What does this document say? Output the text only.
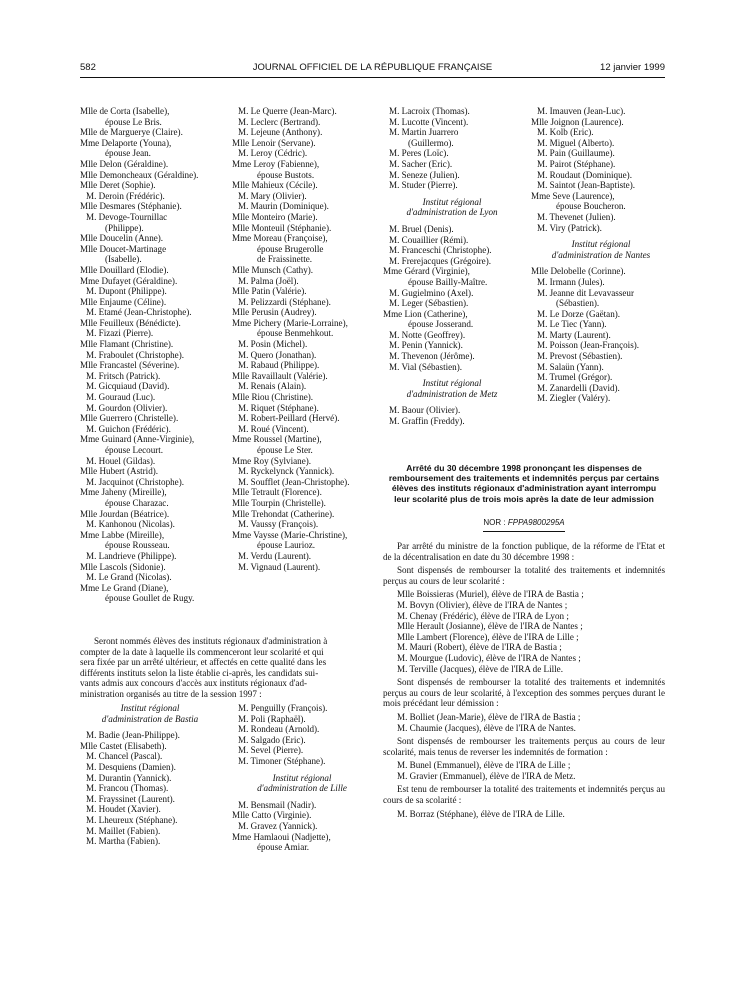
582	JOURNAL OFFICIEL DE LA RÉPUBLIQUE FRANÇAISE	12 janvier 1999
Mlle de Corta (Isabelle),
épouse Le Bris.
Mlle de Marguerye (Claire).
Mme Delaporte (Youna),
épouse Jean.
Mlle Delon (Géraldine).
Mlle Demoncheaux (Géraldine).
Mlle Deret (Sophie).
M. Deroin (Frédéric).
Mlle Desmares (Stéphanie).
M. Devoge-Tournillac
(Philippe).
Mlle Doucelin (Anne).
Mlle Doucet-Martinage
(Isabelle).
Mlle Douillard (Elodie).
Mme Dufayet (Géraldine).
M. Dupont (Philippe).
Mlle Enjaume (Céline).
M. Etamé (Jean-Christophe).
Mlle Feuilleux (Bénédicte).
M. Fizazi (Pierre).
Mlle Flamant (Christine).
M. Fraboulet (Christophe).
Mlle Francastel (Séverine).
M. Fritsch (Patrick).
M. Gicquiaud (David).
M. Gouraud (Luc).
M. Gourdon (Olivier).
Mlle Guerrero (Christelle).
M. Guichon (Frédéric).
Mme Guinard (Anne-Virginie),
épouse Lecourt.
M. Houel (Gildas).
Mlle Hubert (Astrid).
M. Jacquinot (Christophe).
Mme Jaheny (Mireille),
épouse Charazac.
Mlle Jourdan (Béatrice).
M. Kanhonou (Nicolas).
Mme Labbe (Mireille),
épouse Rousseau.
M. Landrieve (Philippe).
Mlle Lascols (Sidonie).
M. Le Grand (Nicolas).
Mme Le Grand (Diane),
épouse Goullet de Rugy.
M. Le Querre (Jean-Marc).
M. Leclerc (Bertrand).
M. Lejeune (Anthony).
Mlle Lenoir (Servane).
M. Leroy (Cédric).
Mme Leroy (Fabienne),
épouse Bustots.
Mlle Mahieux (Cécile).
M. Mary (Olivier).
M. Maurin (Dominique).
Mlle Monteiro (Marie).
Mlle Monteuil (Stéphanie).
Mme Moreau (Françoise),
épouse Brugerolle
de Fraissinette.
Mlle Munsch (Cathy).
M. Palma (Joël).
Mlle Patin (Valérie).
M. Pelizzardi (Stéphane).
Mlle Perusin (Audrey).
Mme Pichery (Marie-Lorraine),
épouse Benmehkout.
M. Posin (Michel).
M. Quero (Jonathan).
M. Rabaud (Philippe).
Mlle Ravaillault (Valérie).
M. Renais (Alain).
Mlle Riou (Christine).
M. Riquet (Stéphane).
M. Robert-Peillard (Hervé).
M. Roué (Vincent).
Mme Roussel (Martine),
épouse Le Ster.
Mme Roy (Sylviane).
M. Ryckelynck (Yannick).
M. Soufflet (Jean-Christophe).
Mlle Tetrault (Florence).
Mlle Tourpin (Christelle).
Mlle Trehondat (Catherine).
M. Vaussy (François).
Mme Vaysse (Marie-Christine),
épouse Laurioz.
M. Verdu (Laurent).
M. Vignaud (Laurent).
M. Lacroix (Thomas).
M. Lucotte (Vincent).
M. Martin Juarrero
(Guillermo).
M. Peres (Loïc).
M. Sacher (Eric).
M. Seneze (Julien).
M. Studer (Pierre).
Institut régional
d'administration de Lyon
M. Bruel (Denis).
M. Couaillier (Rémi).
M. Franceschi (Christophe).
M. Frerejacques (Grégoire).
Mme Gérard (Virginie),
épouse Bailly-Maître.
M. Gugielmino (Axel).
M. Leger (Sébastien).
Mme Lion (Catherine),
épouse Josserand.
M. Notte (Geoffrey).
M. Penin (Yannick).
M. Thevenon (Jérôme).
M. Vial (Sébastien).
Institut régional
d'administration de Metz
M. Baour (Olivier).
M. Graffin (Freddy).
M. Imauven (Jean-Luc).
Mlle Joignon (Laurence).
M. Kolb (Eric).
M. Miguel (Alberto).
M. Pain (Guillaume).
M. Pairot (Stéphane).
M. Roudaut (Dominique).
M. Saintot (Jean-Baptiste).
Mme Seve (Laurence),
épouse Boucheron.
M. Thevenet (Julien).
M. Viry (Patrick).
Institut régional
d'administration de Nantes
Mlle Delobelle (Corinne).
M. Irmann (Jules).
M. Jeanne dit Levavasseur
(Sébastien).
M. Le Dorze (Gaëtan).
M. Le Tiec (Yann).
M. Marty (Laurent).
M. Poisson (Jean-François).
M. Prevost (Sébastien).
M. Salaün (Yann).
M. Trumel (Grégor).
M. Zanardelli (David).
M. Ziegler (Valéry).
Seront nommés élèves des instituts régionaux d'administration à
compter de la date à laquelle ils commenceront leur scolarité et qui
sera fixée par un arrêté ultérieur, et affectés en cette qualité dans les
différents instituts selon la liste établie ci-après, les candidats sui-
vants admis aux concours d'accès aux instituts régionaux d'ad-
ministration organisés au titre de la session 1997 :
Institut régional
d'administration de Bastia
M. Badie (Jean-Philippe).
Mlle Castet (Elisabeth).
M. Chancel (Pascal).
M. Desquiens (Damien).
M. Durantin (Yannick).
M. Francou (Thomas).
M. Frayssinet (Laurent).
M. Houdet (Xavier).
M. Lheureux (Stéphane).
M. Maillet (Fabien).
M. Martha (Fabien).
M. Penguilly (François).
M. Poli (Raphaël).
M. Rondeau (Arnold).
M. Salgado (Eric).
M. Sevel (Pierre).
M. Timoner (Stéphane).
Institut régional
d'administration de Lille
M. Bensmail (Nadir).
Mlle Catto (Virginie).
M. Gravez (Yannick).
Mme Hamlaoui (Nadjette),
épouse Amiar.
Arrêté du 30 décembre 1998 prononçant les dispenses de remboursement des traitements et indemnités perçus par certains élèves des instituts régionaux d'administration ayant interrompu leur scolarité plus de trois mois après la date de leur admission
NOR : FPPA9800295A
Par arrêté du ministre de la fonction publique, de la réforme de l'Etat et de la décentralisation en date du 30 décembre 1998 :
Sont dispensés de rembourser la totalité des traitements et indemnités perçus au cours de leur scolarité :
Mlle Boissieras (Muriel), élève de l'IRA de Bastia ;
M. Bovyn (Olivier), élève de l'IRA de Nantes ;
M. Chenay (Frédéric), élève de l'IRA de Lyon ;
Mlle Herault (Josianne), élève de l'IRA de Nantes ;
Mlle Lambert (Florence), élève de l'IRA de Lille ;
M. Mauri (Robert), élève de l'IRA de Bastia ;
M. Mourgue (Ludovic), élève de l'IRA de Nantes ;
M. Terville (Jacques), élève de l'IRA de Lille.
Sont dispensés de rembourser la totalité des traitements et indemnités perçus au cours de leur scolarité, à l'exception des sommes perçues durant le mois précédant leur démission :
M. Bolliet (Jean-Marie), élève de l'IRA de Bastia ;
M. Chaumie (Jacques), élève de l'IRA de Nantes.
Sont dispensés de rembourser les traitements perçus au cours de leur scolarité, mais tenus de reverser les indemnités de formation :
M. Bunel (Emmanuel), élève de l'IRA de Lille ;
M. Gravier (Emmanuel), élève de l'IRA de Metz.
Est tenu de rembourser la totalité des traitements et indemnités perçus au cours de sa scolarité :
M. Borraz (Stéphane), élève de l'IRA de Lille.
